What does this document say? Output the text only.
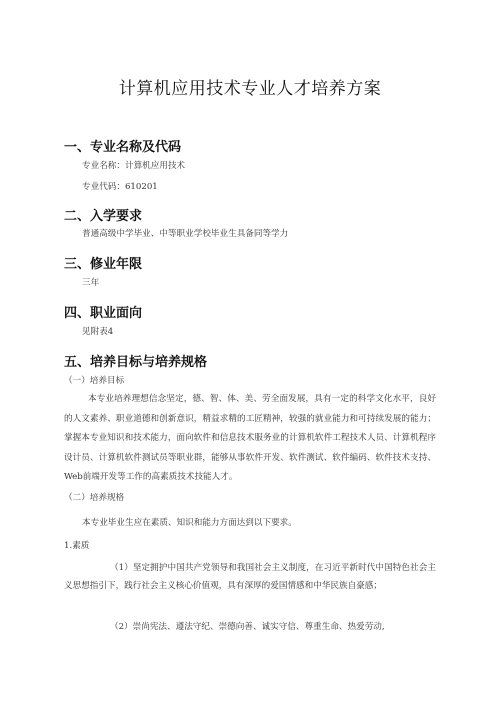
计算机应用技术专业人才培养方案
一、专业名称及代码
专业名称：计算机应用技术
专业代码：610201
二、入学要求
普通高级中学毕业、中等职业学校毕业生具备同等学力
三、修业年限
三年
四、职业面向
见附表4
五、培养目标与培养规格
（一）培养目标
本专业培养理想信念坚定，德、智、体、美、劳全面发展，具有一定的科学文化水平，良好的人文素养、职业道德和创新意识，精益求精的工匠精神，较强的就业能力和可持续发展的能力；掌握本专业知识和技术能力，面向软件和信息技术服务业的计算机软件工程技术人员、计算机程序设计员、计算机软件测试员等职业群，能够从事软件开发、软件测试、软件编码、软件技术支持、Web前端开发等工作的高素质技术技能人才。
（二）培养规格
本专业毕业生应在素质、知识和能力方面达到以下要求。
1.素质
（1）坚定拥护中国共产党领导和我国社会主义制度，在习近平新时代中国特色社会主义思想指引下，践行社会主义核心价值观，具有深厚的爱国情感和中华民族自豪感；
（2）崇尚宪法、遵法守纪、崇德向善、诚实守信、尊重生命、热爱劳动,
